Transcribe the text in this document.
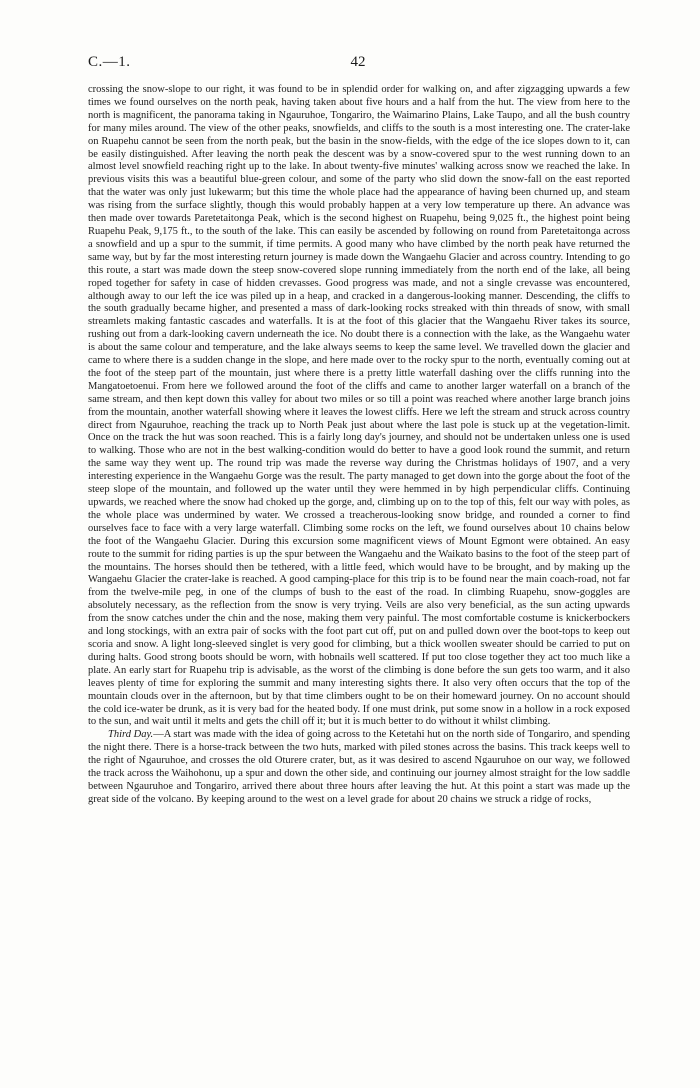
C.—1.	42

crossing the snow-slope to our right, it was found to be in splendid order for walking on, and after zigzagging upwards a few times we found ourselves on the north peak, having taken about five hours and a half from the hut. The view from here to the north is magnificent, the panorama taking in Ngauruhoe, Tongariro, the Waimarino Plains, Lake Taupo, and all the bush country for many miles around. The view of the other peaks, snowfields, and cliffs to the south is a most interesting one. The crater-lake on Ruapehu cannot be seen from the north peak, but the basin in the snow-fields, with the edge of the ice slopes down to it, can be easily distinguished. After leaving the north peak the descent was by a snow-covered spur to the west running down to an almost level snowfield reaching right up to the lake. In about twenty-five minutes' walking across snow we reached the lake. In previous visits this was a beautiful blue-green colour, and some of the party who slid down the snow-fall on the east reported that the water was only just lukewarm; but this time the whole place had the appearance of having been churned up, and steam was rising from the surface slightly, though this would probably happen at a very low temperature up there. An advance was then made over towards Paretetaitonga Peak, which is the second highest on Ruapehu, being 9,025 ft., the highest point being Ruapehu Peak, 9,175 ft., to the south of the lake. This can easily be ascended by following on round from Paretetaitonga across a snowfield and up a spur to the summit, if time permits. A good many who have climbed by the north peak have returned the same way, but by far the most interesting return journey is made down the Wangaehu Glacier and across country. Intending to go this route, a start was made down the steep snow-covered slope running immediately from the north end of the lake, all being roped together for safety in case of hidden crevasses. Good progress was made, and not a single crevasse was encountered, although away to our left the ice was piled up in a heap, and cracked in a dangerous-looking manner. Descending, the cliffs to the south gradually became higher, and presented a mass of dark-looking rocks streaked with thin threads of snow, with small streamlets making fantastic cascades and waterfalls. It is at the foot of this glacier that the Wangaehu River takes its source, rushing out from a dark-looking cavern underneath the ice. No doubt there is a connection with the lake, as the Wangaehu water is about the same colour and temperature, and the lake always seems to keep the same level. We travelled down the glacier and came to where there is a sudden change in the slope, and here made over to the rocky spur to the north, eventually coming out at the foot of the steep part of the mountain, just where there is a pretty little waterfall dashing over the cliffs running into the Mangatoetoenui. From here we followed around the foot of the cliffs and came to another larger waterfall on a branch of the same stream, and then kept down this valley for about two miles or so till a point was reached where another large branch joins from the mountain, another waterfall showing where it leaves the lowest cliffs. Here we left the stream and struck across country direct from Ngauruhoe, reaching the track up to North Peak just about where the last pole is stuck up at the vegetation-limit. Once on the track the hut was soon reached. This is a fairly long day's journey, and should not be undertaken unless one is used to walking. Those who are not in the best walking-condition would do better to have a good look round the summit, and return the same way they went up. The round trip was made the reverse way during the Christmas holidays of 1907, and a very interesting experience in the Wangaehu Gorge was the result. The party managed to get down into the gorge about the foot of the steep slope of the mountain, and followed up the water until they were hemmed in by high perpendicular cliffs. Continuing upwards, we reached where the snow had choked up the gorge, and, climbing up on to the top of this, felt our way with poles, as the whole place was undermined by water. We crossed a treacherous-looking snow bridge, and rounded a corner to find ourselves face to face with a very large waterfall. Climbing some rocks on the left, we found ourselves about 10 chains below the foot of the Wangaehu Glacier. During this excursion some magnificent views of Mount Egmont were obtained. An easy route to the summit for riding parties is up the spur between the Wangaehu and the Waikato basins to the foot of the steep part of the mountains. The horses should then be tethered, with a little feed, which would have to be brought, and by making up the Wangaehu Glacier the crater-lake is reached. A good camping-place for this trip is to be found near the main coach-road, not far from the twelve-mile peg, in one of the clumps of bush to the east of the road. In climbing Ruapehu, snow-goggles are absolutely necessary, as the reflection from the snow is very trying. Veils are also very beneficial, as the sun acting upwards from the snow catches under the chin and the nose, making them very painful. The most comfortable costume is knickerbockers and long stockings, with an extra pair of socks with the foot part cut off, put on and pulled down over the boot-tops to keep out scoria and snow. A light long-sleeved singlet is very good for climbing, but a thick woollen sweater should be carried to put on during halts. Good strong boots should be worn, with hobnails well scattered. If put too close together they act too much like a plate. An early start for Ruapehu trip is advisable, as the worst of the climbing is done before the sun gets too warm, and it also leaves plenty of time for exploring the summit and many interesting sights there. It also very often occurs that the top of the mountain clouds over in the afternoon, but by that time climbers ought to be on their homeward journey. On no account should the cold ice-water be drunk, as it is very bad for the heated body. If one must drink, put some snow in a hollow in a rock exposed to the sun, and wait until it melts and gets the chill off it; but it is much better to do without it whilst climbing.

Third Day.—A start was made with the idea of going across to the Ketetahi hut on the north side of Tongariro, and spending the night there. There is a horse-track between the two huts, marked with piled stones across the basins. This track keeps well to the right of Ngauruhoe, and crosses the old Oturere crater, but, as it was desired to ascend Ngauruhoe on our way, we followed the track across the Waihohonu, up a spur and down the other side, and continuing our journey almost straight for the low saddle between Ngauruhoe and Tongariro, arrived there about three hours after leaving the hut. At this point a start was made up the great side of the volcano. By keeping around to the west on a level grade for about 20 chains we struck a ridge of rocks,
